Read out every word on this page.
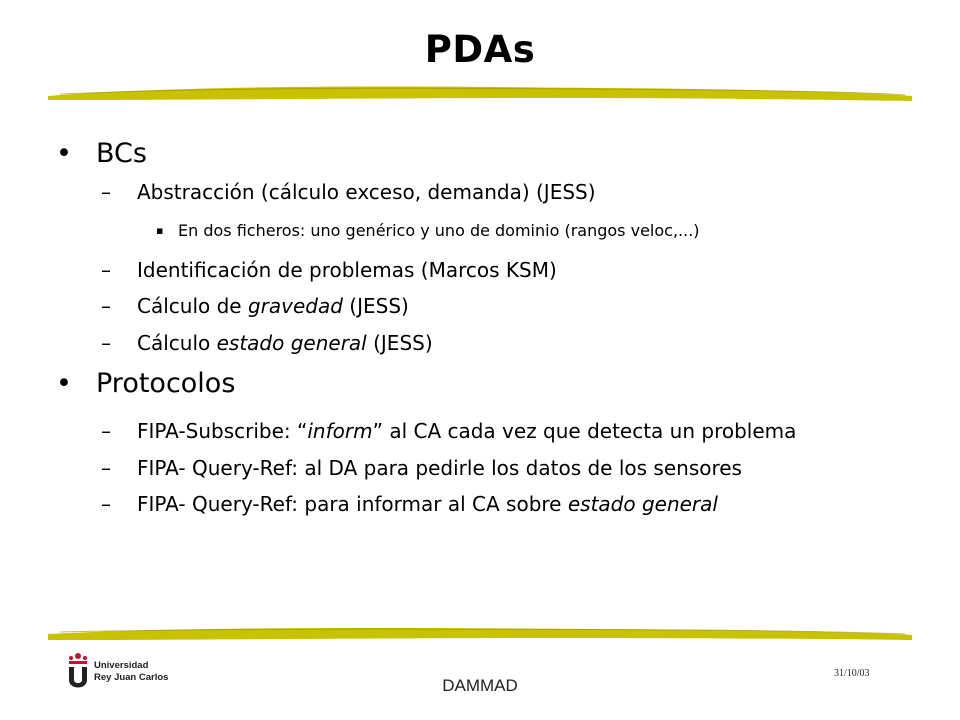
PDAs
• BCs
– Abstracción (cálculo exceso, demanda) (JESS)
▪ En dos ficheros: uno genérico y uno de dominio (rangos veloc,...)
– Identificación de problemas (Marcos KSM)
– Cálculo de gravedad (JESS)
– Cálculo estado general (JESS)
• Protocolos
– FIPA-Subscribe: “inform” al CA cada vez que detecta un problema
– FIPA- Query-Ref: al DA para pedirle los datos de los sensores
– FIPA- Query-Ref: para informar al CA sobre estado general
Universidad
Rey Juan Carlos	DAMMAD
31/10/03
